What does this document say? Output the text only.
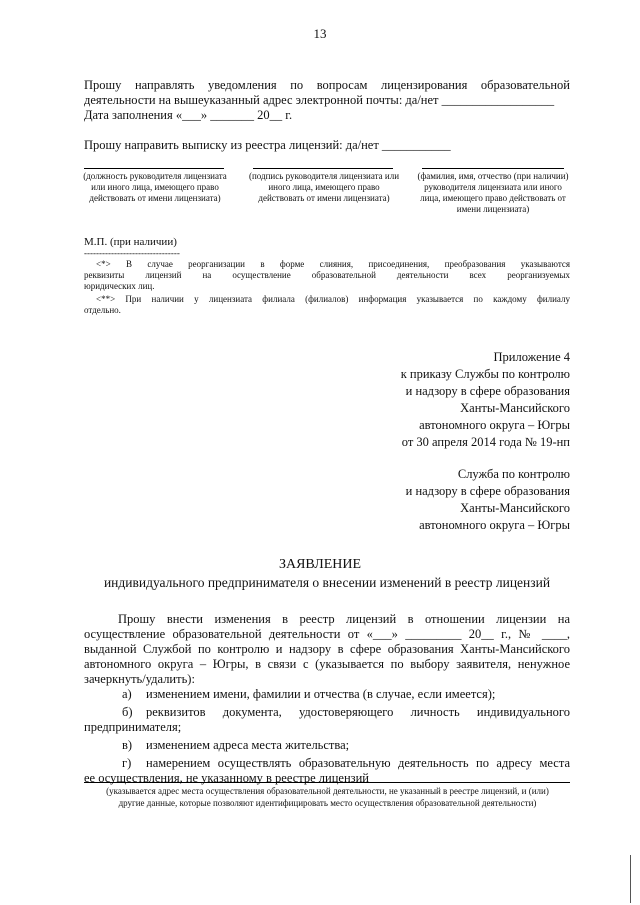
13
Прошу направлять уведомления по вопросам лицензирования образовательной
деятельности на вышеуказанный адрес электронной почты: да/нет __________________
Дата заполнения «___» _______ 20__ г.
Прошу направить выписку из реестра лицензий: да/нет ___________
(должность руководителя лицензиата или иного лица, имеющего право действовать от имени лицензиата)
(подпись руководителя лицензиата или иного лица, имеющего право действовать от имени лицензиата)
(фамилия, имя, отчество (при наличии) руководителя лицензиата или иного лица, имеющего право действовать от имени лицензиата)
М.П. (при наличии)
--------------------------------
<*> В случае реорганизации в форме слияния, присоединения, преобразования указываются
реквизиты лицензий на осуществление образовательной деятельности всех реорганизуемых
юридических лиц.
<**> При наличии у лицензиата филиала (филиалов) информация указывается по каждому филиалу
отдельно.
Приложение 4
к приказу Службы по контролю
и надзору в сфере образования
Ханты-Мансийского
автономного округа – Югры
от 30 апреля 2014 года № 19-нп
Служба по контролю
и надзору в сфере образования
Ханты-Мансийского
автономного округа – Югры
ЗАЯВЛЕНИЕ
индивидуального предпринимателя о внесении изменений в реестр лицензий
Прошу внести изменения в реестр лицензий в отношении лицензии на
осуществление образовательной деятельности от «___» _________ 20__ г., № ____,
выданной Службой по контролю и надзору в сфере образования Ханты-Мансийского
автономного округа – Югры, в связи с (указывается по выбору заявителя, ненужное
зачеркнуть/удалить):
а)	изменением имени, фамилии и отчества (в случае, если имеется);
б)	реквизитов документа, удостоверяющего личность индивидуального
предпринимателя;
в)	изменением адреса места жительства;
г)	намерением осуществлять образовательную деятельность по адресу места
ее осуществления, не указанному в реестре лицензий
(указывается адрес места осуществления образовательной деятельности, не указанный в реестре лицензий, и (или) другие данные, которые позволяют идентифицировать место осуществления образовательной деятельности)
